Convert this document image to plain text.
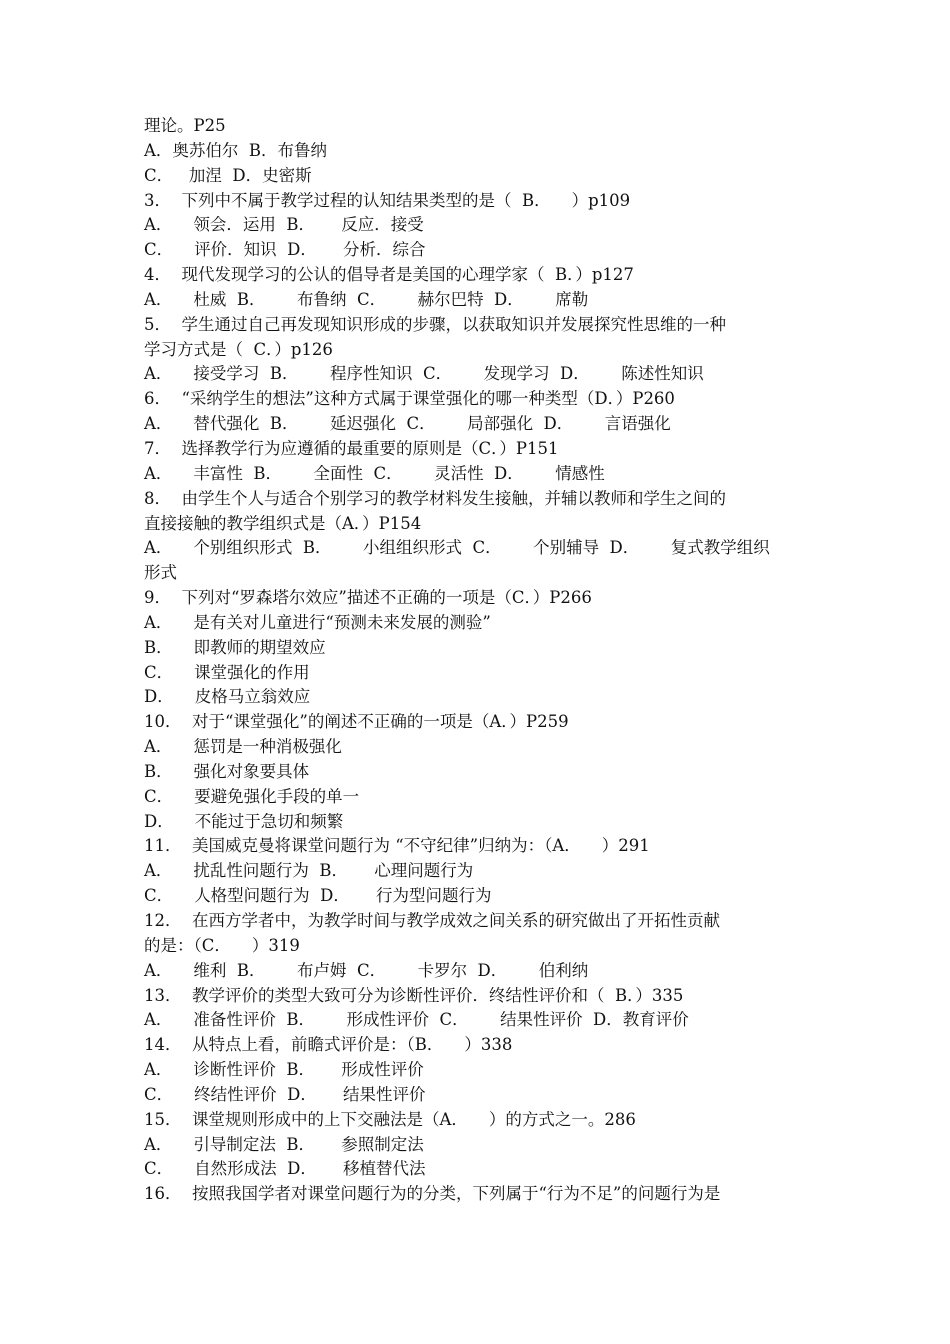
理论。P25
A．奥苏伯尔  B．布鲁纳
C．   加涅  D．史密斯
3．  下列中不属于教学过程的认知结果类型的是（  B．    ）p109
A．    领会．运用  B．     反应．接受
C．    评价．知识  D．     分析．综合
4．  现代发现学习的公认的倡导者是美国的心理学家（  B．）p127
A．    杜威  B．      布鲁纳  C．      赫尔巴特  D．      席勒
5．  学生通过自己再发现知识形成的步骤，以获取知识并发展探究性思维的一种
学习方式是（  C．）p126
A．    接受学习  B．      程序性知识  C．      发现学习  D．      陈述性知识
6．  “采纳学生的想法”这种方式属于课堂强化的哪一种类型（D．）P260
A．    替代强化  B．      延迟强化  C．      局部强化  D．      言语强化
7．  选择教学行为应遵循的最重要的原则是（C．）P151
A．    丰富性  B．      全面性  C．      灵活性  D．      情感性
8．  由学生个人与适合个别学习的教学材料发生接触，并辅以教师和学生之间的
直接接触的教学组织式是（A．）P154
A．    个别组织形式  B．      小组组织形式  C．      个别辅导  D．      复式教学组织
形式
9．  下列对“罗森塔尔效应”描述不正确的一项是（C．）P266
A．    是有关对儿童进行“预测未来发展的测验”
B．    即教师的期望效应
C．    课堂强化的作用
D．    皮格马立翁效应
10．  对于“课堂强化”的阐述不正确的一项是（A．）P259
A．    惩罚是一种消极强化
B．    强化对象要具体
C．    要避免强化手段的单一
D．    不能过于急切和频繁
11．  美国威克曼将课堂问题行为 “不守纪律”归纳为：（A．    ）291
A．    扰乱性问题行为  B．     心理问题行为
C．    人格型问题行为  D．     行为型问题行为
12．  在西方学者中，为教学时间与教学成效之间关系的研究做出了开拓性贡献
的是：（C．    ）319
A．    维利  B．      布卢姆  C．      卡罗尔  D．      伯利纳
13．  教学评价的类型大致可分为诊断性评价．终结性评价和（  B．）335
A．    准备性评价  B．      形成性评价  C．      结果性评价  D．教育评价
14．  从特点上看，前瞻式评价是：（B．    ）338
A．    诊断性评价  B．     形成性评价
C．    终结性评价  D．     结果性评价
15．  课堂规则形成中的上下交融法是（A．    ）的方式之一。286
A．    引导制定法  B．     参照制定法
C．    自然形成法  D．     移植替代法
16．  按照我国学者对课堂问题行为的分类，下列属于“行为不足”的问题行为是
